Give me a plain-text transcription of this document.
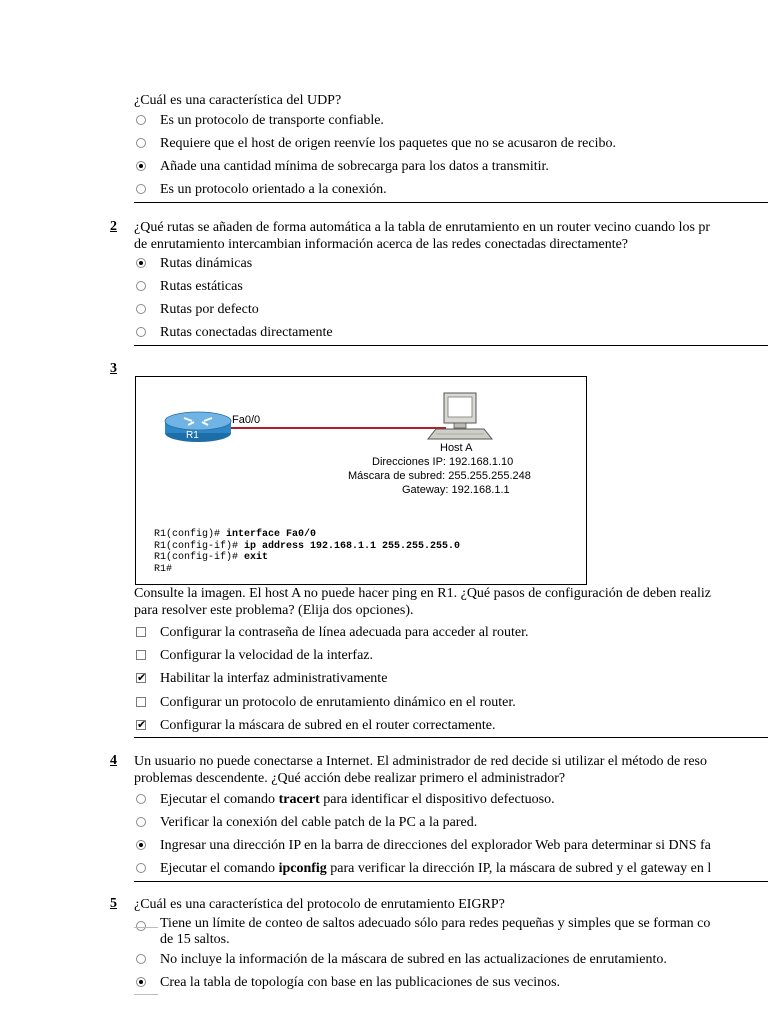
¿Cuál es una característica del UDP?
Es un protocolo de transporte confiable.
Requiere que el host de origen reenvíe los paquetes que no se acusaron de recibo.
Añade una cantidad mínima de sobrecarga para los datos a transmitir.
Es un protocolo orientado a la conexión.
2 ¿Qué rutas se añaden de forma automática a la tabla de enrutamiento en un router vecino cuando los pr
de enrutamiento intercambian información acerca de las redes conectadas directamente?
Rutas dinámicas
Rutas estáticas
Rutas por defecto
Rutas conectadas directamente
3
R1
Fa0/0
Host A
Direcciones IP: 192.168.1.10
Máscara de subred: 255.255.255.248
Gateway: 192.168.1.1
R1(config)# interface Fa0/0
R1(config-if)# ip address 192.168.1.1 255.255.255.0
R1(config-if)# exit
R1#
Consulte la imagen. El host A no puede hacer ping en R1. ¿Qué pasos de configuración de deben realiz
para resolver este problema? (Elija dos opciones).
Configurar la contraseña de línea adecuada para acceder al router.
Configurar la velocidad de la interfaz.
✔
Habilitar la interfaz administrativamente
Configurar un protocolo de enrutamiento dinámico en el router.
✔
Configurar la máscara de subred en el router correctamente.
4 Un usuario no puede conectarse a Internet. El administrador de red decide si utilizar el método de reso
problemas descendente. ¿Qué acción debe realizar primero el administrador?
Ejecutar el comando tracert para identificar el dispositivo defectuoso.
Verificar la conexión del cable patch de la PC a la pared.
Ingresar una dirección IP en la barra de direcciones del explorador Web para determinar si DNS fa
Ejecutar el comando ipconfig para verificar la dirección IP, la máscara de subred y el gateway en l
5 ¿Cuál es una característica del protocolo de enrutamiento EIGRP?
Tiene un límite de conteo de saltos adecuado sólo para redes pequeñas y simples que se forman co
de 15 saltos.
No incluye la información de la máscara de subred en las actualizaciones de enrutamiento.
Crea la tabla de topología con base en las publicaciones de sus vecinos.
